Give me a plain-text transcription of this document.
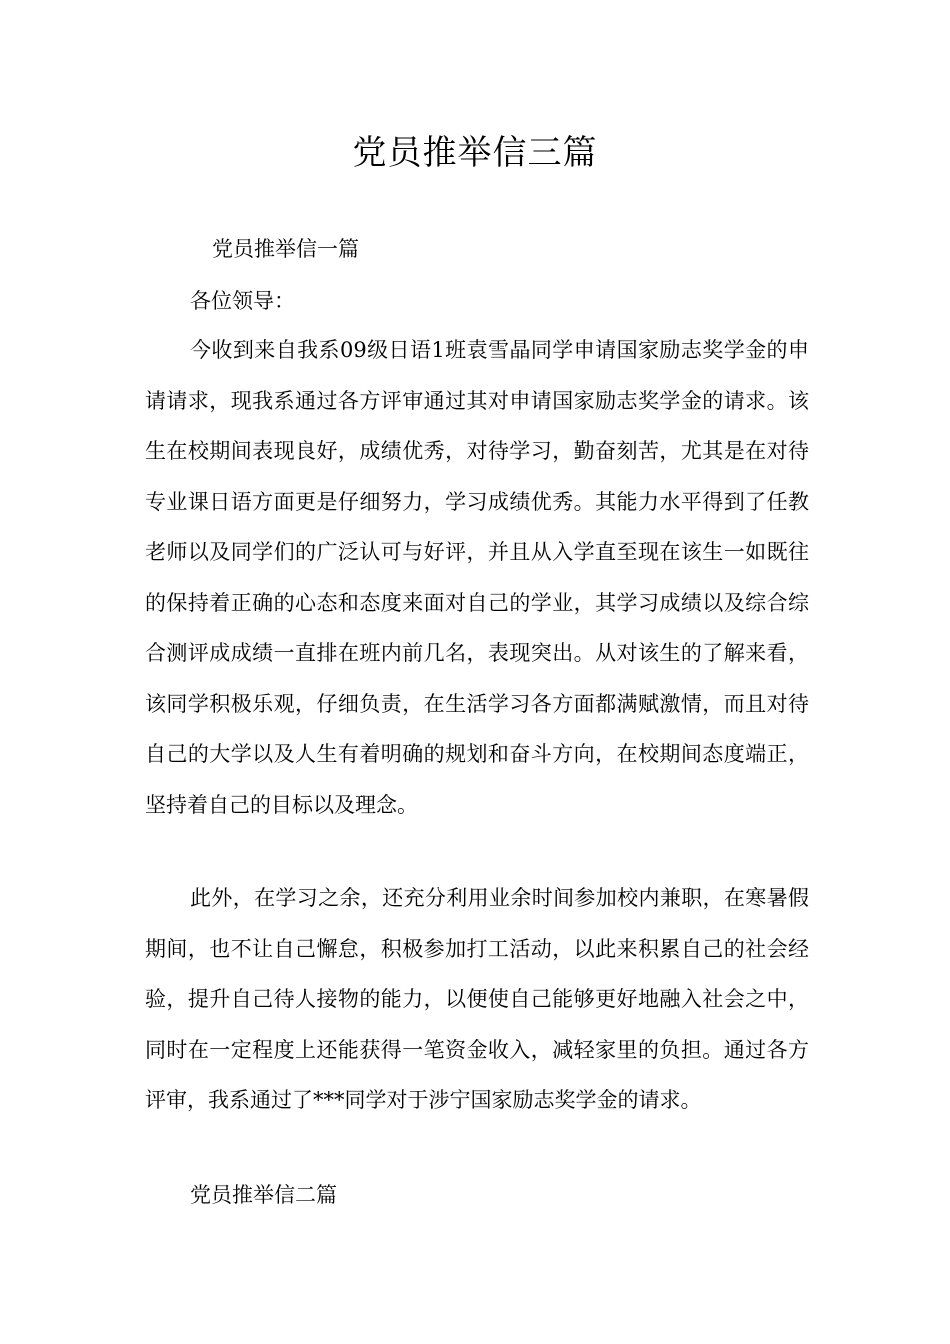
党员推举信三篇
党员推举信一篇
各位领导：

今收到来自我系09级日语1班袁雪晶同学申请国家励志奖学金的申请请求，现我系通过各方评审通过其对申请国家励志奖学金的请求。该生在校期间表现良好，成绩优秀，对待学习，勤奋刻苦，尤其是在对待专业课日语方面更是仔细努力，学习成绩优秀。其能力水平得到了任教老师以及同学们的广泛认可与好评，并且从入学直至现在该生一如既往的保持着正确的心态和态度来面对自己的学业，其学习成绩以及综合综合测评成成绩一直排在班内前几名，表现突出。从对该生的了解来看，该同学积极乐观，仔细负责，在生活学习各方面都满赋激情，而且对待自己的大学以及人生有着明确的规划和奋斗方向，在校期间态度端正，坚持着自己的目标以及理念。

此外，在学习之余，还充分利用业余时间参加校内兼职，在寒暑假期间，也不让自己懈怠，积极参加打工活动，以此来积累自己的社会经验，提升自己待人接物的能力，以便使自己能够更好地融入社会之中，同时在一定程度上还能获得一笔资金收入，减轻家里的负担。通过各方评审，我系通过了***同学对于涉宁国家励志奖学金的请求。

党员推举信二篇
